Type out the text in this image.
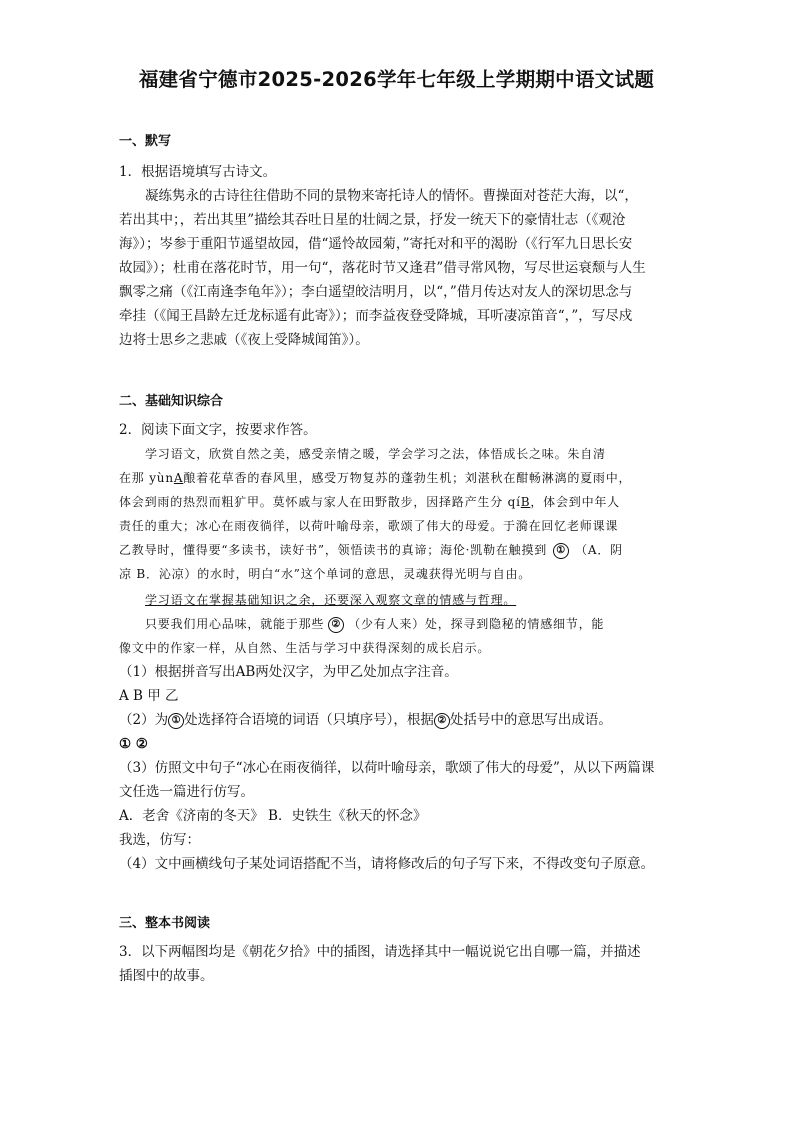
福建省宁德市2025-2026学年七年级上学期期中语文试题
一、默写
1．根据语境填写古诗文。
凝练隽永的古诗往往借助不同的景物来寄托诗人的情怀。曹操面对苍茫大海，以“，
若出其中；，若出其里”描绘其吞吐日星的壮阔之景，抒发一统天下的豪情壮志（《观沧
海》）；岑参于重阳节遥望故园，借“遥怜故园菊，”寄托对和平的渴盼（《行军九日思长安
故园》）；杜甫在落花时节，用一句“，落花时节又逢君”借寻常风物，写尽世运衰颓与人生
飘零之痛（《江南逢李龟年》）；李白遥望皎洁明月，以“，”借月传达对友人的深切思念与
牵挂（《闻王昌龄左迁龙标遥有此寄》）；而李益夜登受降城，耳听凄凉笛音“，”，写尽戍
边将士思乡之悲戚（《夜上受降城闻笛》）。
二、基础知识综合
2．阅读下面文字，按要求作答。
学习语文，欣赏自然之美，感受亲情之暖，学会学习之法，体悟成长之味。朱自清
在那 yùnA酿着花草香的春风里，感受万物复苏的蓬勃生机；刘湛秋在酣畅淋漓的夏雨中，
体会到雨的热烈而粗犷甲。莫怀戚与家人在田野散步，因择路产生分 qíB，体会到中年人
责任的重大；冰心在雨夜徜徉，以荷叶喻母亲，歌颂了伟大的母爱。于漪在回忆老师课课
乙教导时，懂得要“多读书，读好书”，领悟读书的真谛；海伦·凯勒在触摸到 ① （A．阴
凉 B．沁凉）的水时，明白“水”这个单词的意思，灵魂获得光明与自由。
学习语文在掌握基础知识之余，还要深入观察文章的情感与哲理。
只要我们用心品味，就能于那些 ② （少有人来）处，探寻到隐秘的情感细节，能
像文中的作家一样，从自然、生活与学习中获得深刻的成长启示。
（1）根据拼音写出AB两处汉字，为甲乙处加点字注音。
A B 甲 乙
（2）为 ① 处选择符合语境的词语（只填序号），根据 ② 处括号中的意思写出成语。
① ②
（3）仿照文中句子“冰心在雨夜徜徉，以荷叶喻母亲，歌颂了伟大的母爱”，从以下两篇课
文任选一篇进行仿写。
A．老舍《济南的冬天》 B．史铁生《秋天的怀念》
我选，仿写：
（4）文中画横线句子某处词语搭配不当，请将修改后的句子写下来，不得改变句子原意。
三、整本书阅读
3．以下两幅图均是《朝花夕拾》中的插图，请选择其中一幅说说它出自哪一篇，并描述
插图中的故事。
